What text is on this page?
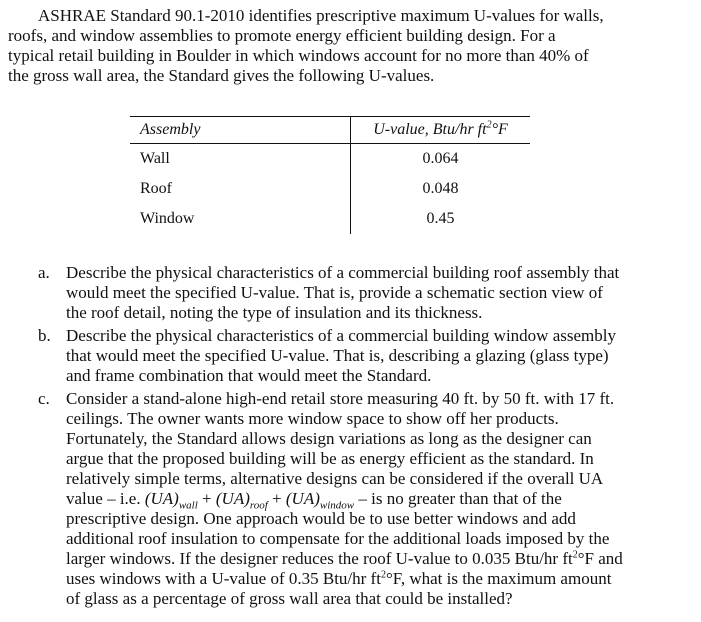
ASHRAE Standard 90.1-2010 identifies prescriptive maximum U-values for walls,
roofs, and window assemblies to promote energy efficient building design. For a
typical retail building in Boulder in which windows account for no more than 40% of
the gross wall area, the Standard gives the following U-values.

Assembly	U-value, Btu/hr $ft^2^\circ F$
Wall	0.064
Roof	0.048
Window	0.45
a. Describe the physical characteristics of a commercial building roof assembly that
would meet the specified U-value. That is, provide a schematic section view of
the roof detail, noting the type of insulation and its thickness.
b. Describe the physical characteristics of a commercial building window assembly
that would meet the specified U-value. That is, describing a glazing (glass type)
and frame combination that would meet the Standard.
c. Consider a stand-alone high-end retail store measuring 40 ft. by 50 ft. with 17 ft.
ceilings. The owner wants more window space to show off her products.
Fortunately, the Standard allows design variations as long as the designer can
argue that the proposed building will be as energy efficient as the standard. In
relatively simple terms, alternative designs can be considered if the overall UA
value – i.e. $(UA)_{wall} + (UA)_{roof} + (UA)_{window}$ – is no greater than that of the
prescriptive design. One approach would be to use better windows and add
additional roof insulation to compensate for the additional loads imposed by the
larger windows. If the designer reduces the roof U-value to 0.035 Btu/hr $ft^2^\circ F$ and
uses windows with a U-value of 0.35 Btu/hr $ft^2^\circ F$, what is the maximum amount
of glass as a percentage of gross wall area that could be installed?
